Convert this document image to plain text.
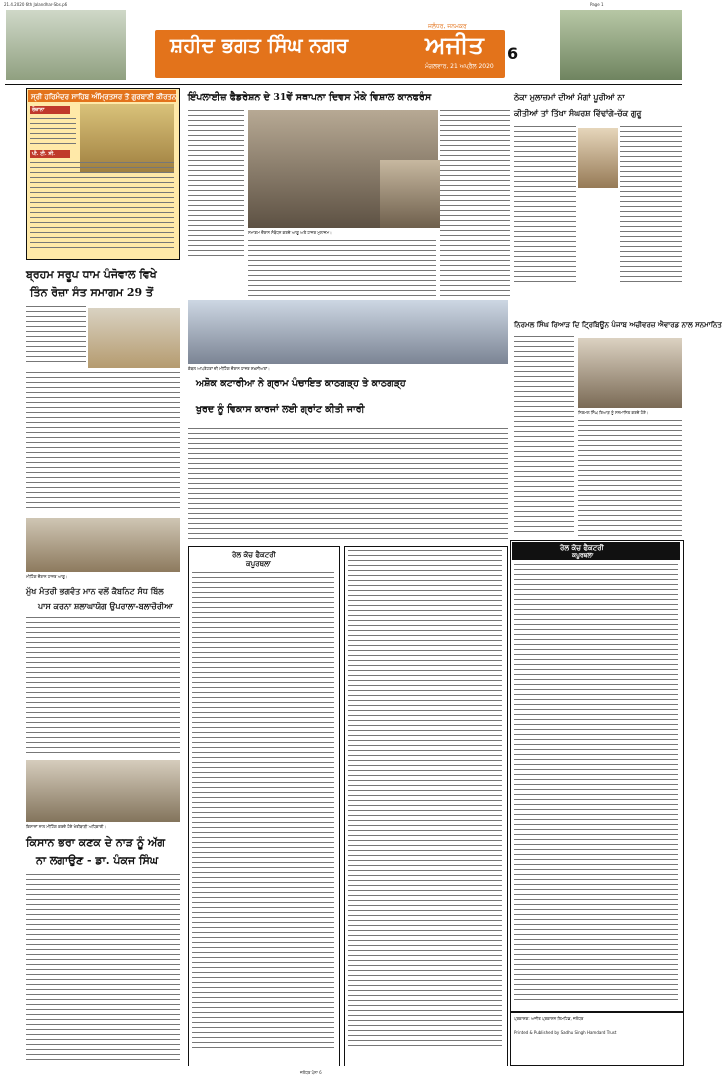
21.4.2020 6th Jalandhar-Sbs.p6	Page 1
ਸ਼ਹੀਦ ਭਗਤ ਸਿੰਘ ਨਗਰ	ਅਜੀਤ
ਜਲੰਧਰ, ਜਨਮਕਰ
ਮੰਗਲਵਾਰ, 21 ਅਪ੍ਰੈਲ 2020
6
ਸ੍ਰੀ ਹਰਿਮੰਦਰ ਸਾਹਿਬ ਅੰਮ੍ਰਿਤਸਰ ਤੋਂ ਗੁਰਬਾਣੀ ਕੀਰਤਨ
ਰੋਜ਼ਾਨਾ
ਪੀ. ਟੀ. ਸੀ.
ਬ੍ਰਹਮ ਸਰੂਪ ਧਾਮ ਪੰਜੋਵਾਲ ਵਿਖੇ
ਤਿੰਨ ਰੋਜ਼ਾ ਸੰਤ ਸਮਾਗਮ 29 ਤੋਂ
ਮੀਟਿੰਗ ਦੌਰਾਨ ਹਾਜ਼ਰ ਆਗੂ।
ਮੁੱਖ ਮੰਤਰੀ ਭਗਵੰਤ ਮਾਨ ਵਲੋਂ ਕੈਬਨਿਟ ਸੰਧ ਬਿੱਲ
ਪਾਸ ਕਰਨਾ ਸ਼ਲਾਘਾਯੋਗ ਉਪਰਾਲਾ-ਬਲਾਚੌਰੀਆ
ਕਿਸਾਨਾਂ ਨਾਲ ਮੀਟਿੰਗ ਕਰਦੇ ਹੋਏ ਖੇਤੀਬਾੜੀ ਅਧਿਕਾਰੀ।
ਕਿਸਾਨ ਭਰਾ ਕਣਕ ਦੇ ਨਾੜ ਨੂੰ ਅੱਗ
ਨਾ ਲਗਾਉਣ - ਡਾ. ਪੰਕਜ ਸਿੰਘ
ਇੰਪਲਾਈਜ਼ ਫੈਡਰੇਸ਼ਨ ਦੇ 31ਵੇਂ ਸਥਾਪਨਾ ਦਿਵਸ ਮੌਕੇ ਵਿਸ਼ਾਲ ਕਾਨਫਰੰਸ
ਸਮਾਗਮ ਦੌਰਾਨ ਸੰਬੋਧਨ ਕਰਦੇ ਆਗੂ ਅਤੇ ਹਾਜ਼ਰ ਮੁਲਾਜ਼ਮ।
ਕੇਬਲ ਆਪਰੇਟਰਾਂ ਦੀ ਮੀਟਿੰਗ ਦੌਰਾਨ ਹਾਜ਼ਰ ਸ਼ਖ਼ਸੀਅਤਾਂ।
ਅਸ਼ੋਕ ਕਟਾਰੀਆ ਨੇ ਗ੍ਰਾਮ ਪੰਚਾਇਤ ਕਾਠਗੜ੍ਹ ਤੇ ਕਾਠਗੜ੍ਹ
ਖੁਰਦ ਨੂੰ ਵਿਕਾਸ ਕਾਰਜਾਂ ਲਈ ਗ੍ਰਾਂਟ ਕੀਤੀ ਜਾਰੀ
ਠੇਕਾ ਮੁਲਾਜ਼ਮਾਂ ਦੀਆਂ ਮੰਗਾਂ ਪੂਰੀਆਂ ਨਾ
ਕੀਤੀਆਂ ਤਾਂ ਤਿੱਖਾ ਸੰਘਰਸ਼ ਵਿੱਢਾਂਗੇ-ਚੱਕ ਗੁਰੂ
ਨਿਰਮਲ ਸਿੰਘ ਰਿਆੜ ਦਿ ਟ੍ਰਿਬਿਊਨ ਪੰਜਾਬ ਅਚੀਵਰਜ਼ ਐਵਾਰਡ ਨਾਲ ਸਨਮਾਨਿਤ
ਨਿਰਮਲ ਸਿੰਘ ਰਿਆੜ ਨੂੰ ਸਨਮਾਨਿਤ ਕਰਦੇ ਹੋਏ।
ਰੇਲ ਕੋਚ ਫੈਕਟਰੀ
ਕਪੂਰਥਲਾ
ਰੇਲ ਕੋਚ ਫੈਕਟਰੀ
ਕਪੂਰਥਲਾ
ਪ੍ਰਕਾਸ਼ਕ: ਅਜੀਤ ਪ੍ਰਕਾਸ਼ਨ ਲਿਮਟਿਡ, ਜਲੰਧਰ
Printed & Published by Sadhu Singh Hamdard Trust
ਜਲੰਧਰ ਪੰਨਾ 6
